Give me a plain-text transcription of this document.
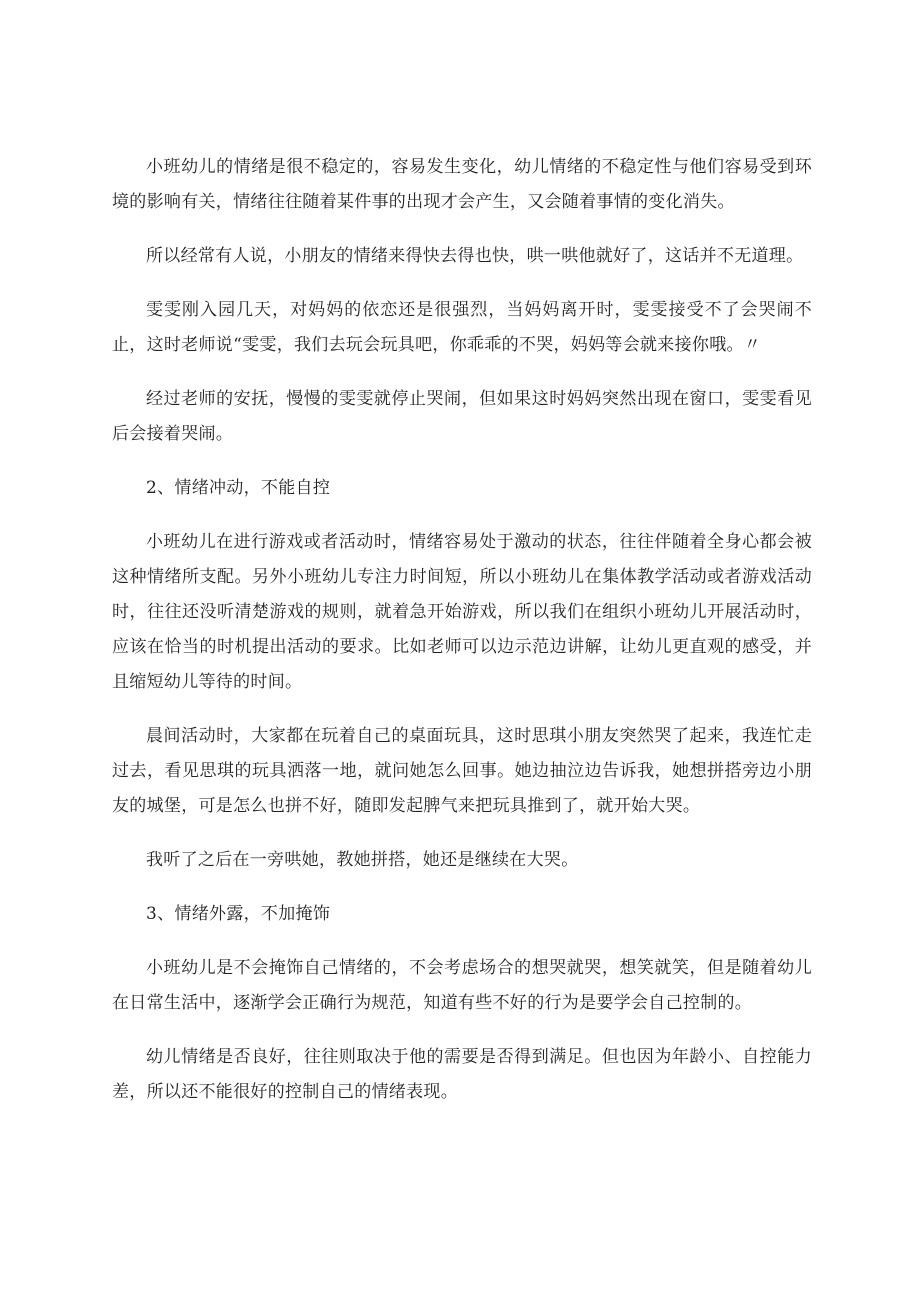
小班幼儿的情绪是很不稳定的，容易发生变化，幼儿情绪的不稳定性与他们容易受到环境的影响有关，情绪往往随着某件事的出现才会产生，又会随着事情的变化消失。

所以经常有人说，小朋友的情绪来得快去得也快，哄一哄他就好了，这话并不无道理。

雯雯刚入园几天，对妈妈的依恋还是很强烈，当妈妈离开时，雯雯接受不了会哭闹不止，这时老师说“雯雯，我们去玩会玩具吧，你乖乖的不哭，妈妈等会就来接你哦。〃

经过老师的安抚，慢慢的雯雯就停止哭闹，但如果这时妈妈突然出现在窗口，雯雯看见后会接着哭闹。

2、情绪冲动，不能自控

小班幼儿在进行游戏或者活动时，情绪容易处于激动的状态，往往伴随着全身心都会被这种情绪所支配。另外小班幼儿专注力时间短，所以小班幼儿在集体教学活动或者游戏活动时，往往还没听清楚游戏的规则，就着急开始游戏，所以我们在组织小班幼儿开展活动时，应该在恰当的时机提出活动的要求。比如老师可以边示范边讲解，让幼儿更直观的感受，并且缩短幼儿等待的时间。

晨间活动时，大家都在玩着自己的桌面玩具，这时思琪小朋友突然哭了起来，我连忙走过去，看见思琪的玩具洒落一地，就问她怎么回事。她边抽泣边告诉我，她想拼搭旁边小朋友的城堡，可是怎么也拼不好，随即发起脾气来把玩具推到了，就开始大哭。

我听了之后在一旁哄她，教她拼搭，她还是继续在大哭。

3、情绪外露，不加掩饰

小班幼儿是不会掩饰自己情绪的，不会考虑场合的想哭就哭，想笑就笑，但是随着幼儿在日常生活中，逐渐学会正确行为规范，知道有些不好的行为是要学会自己控制的。

幼儿情绪是否良好，往往则取决于他的需要是否得到满足。但也因为年龄小、自控能力差，所以还不能很好的控制自己的情绪表现。
